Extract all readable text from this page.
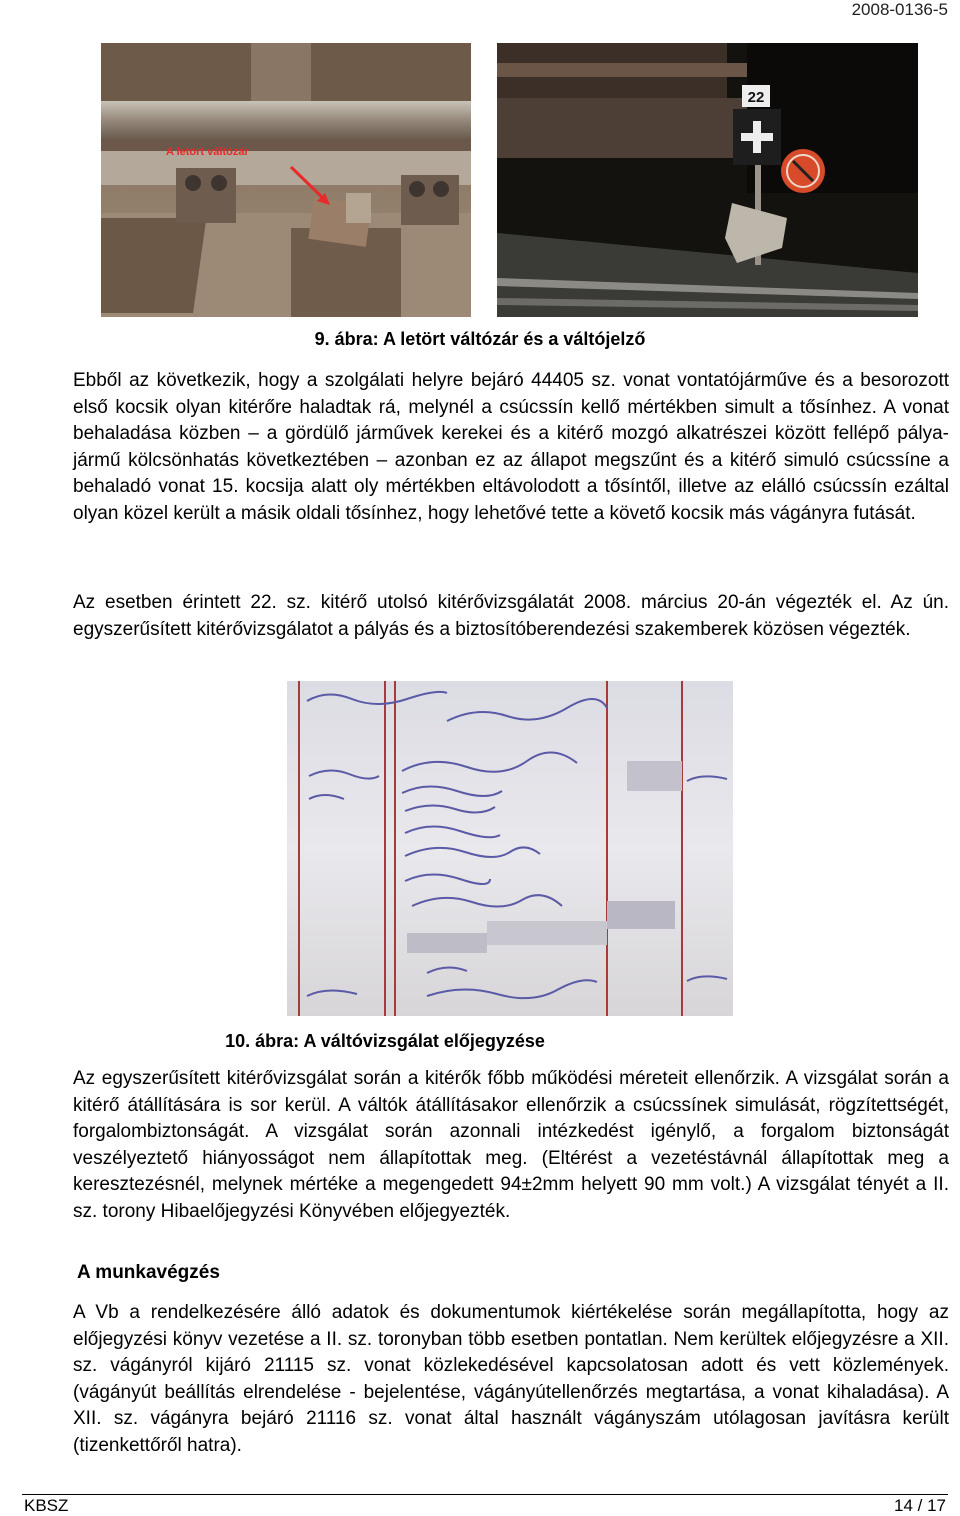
2008-0136-5
A letört váltózár
22
9. ábra: A letört váltózár és a váltójelző

Ebből az következik, hogy a szolgálati helyre bejáró 44405 sz. vonat vontatójárműve és a besorozott első kocsik olyan kitérőre haladtak rá, melynél a csúcssín kellő mértékben simult a tősínhez. A vonat behaladása közben – a gördülő járművek kerekei és a kitérő mozgó alkatrészei között fellépő pálya-jármű kölcsönhatás következtében – azonban ez az állapot megszűnt és a kitérő simuló csúcssíne a behaladó vonat 15. kocsija alatt oly mértékben eltávolodott a tősíntől, illetve az elálló csúcssín ezáltal olyan közel került a másik oldali tősínhez, hogy lehetővé tette a követő kocsik más vágányra futását.

Az esetben érintett 22. sz. kitérő utolsó kitérővizsgálatát 2008. március 20-án végezték el. Az ún. egyszerűsített kitérővizsgálatot a pályás és a biztosítóberendezési szakemberek közösen végezték.

10. ábra: A váltóvizsgálat előjegyzése

Az egyszerűsített kitérővizsgálat során a kitérők főbb működési méreteit ellenőrzik. A vizsgálat során a kitérő átállítására is sor kerül. A váltók átállításakor ellenőrzik a csúcssínek simulását, rögzítettségét, forgalombiztonságát. A vizsgálat során azonnali intézkedést igénylő, a forgalom biztonságát veszélyeztető hiányosságot nem állapítottak meg. (Eltérést a vezetéstávnál állapítottak meg a keresztezésnél, melynek mértéke a megengedett 94±2mm helyett 90 mm volt.) A vizsgálat tényét a II. sz. torony Hibaelőjegyzési Könyvében előjegyezték.

A munkavégzés

A Vb a rendelkezésére álló adatok és dokumentumok kiértékelése során megállapította, hogy az előjegyzési könyv vezetése a II. sz. toronyban több esetben pontatlan. Nem kerültek előjegyzésre a XII. sz. vágányról kijáró 21115 sz. vonat közlekedésével kapcsolatosan adott és vett közlemények. (vágányút beállítás elrendelése - bejelentése, vágányútellenőrzés megtartása, a vonat kihaladása). A XII. sz. vágányra bejáró 21116 sz. vonat által használt vágányszám utólagosan javításra került (tizenkettőről hatra).

KBSZ	14 / 17
